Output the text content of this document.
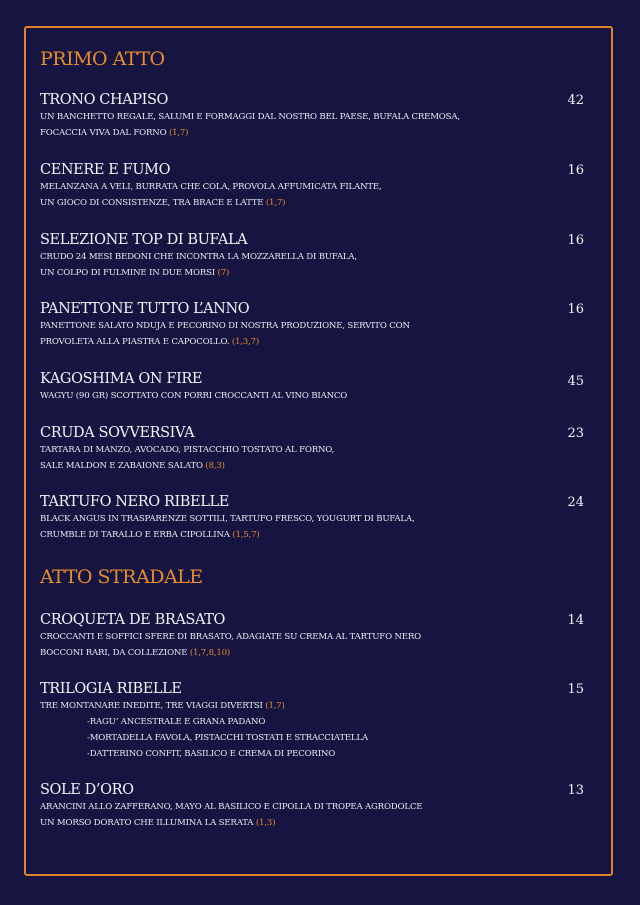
PRIMO ATTO
TRONO CHAPISO	42
UN BANCHETTO REGALE, SALUMI E FORMAGGI DAL NOSTRO BEL PAESE, BUFALA CREMOSA,
FOCACCIA VIVA DAL FORNO (1,7)
CENERE E FUMO	16
MELANZANA A VELI, BURRATA CHE COLA, PROVOLA AFFUMICATA FILANTE,
UN GIOCO DI CONSISTENZE, TRA BRACE E LATTE (1,7)
SELEZIONE TOP DI BUFALA	16
CRUDO 24 MESI BEDONI CHE INCONTRA LA MOZZARELLA DI BUFALA,
UN COLPO DI FULMINE IN DUE MORSI (7)
PANETTONE TUTTO L’ANNO	16
PANETTONE SALATO NDUJA E PECORINO DI NOSTRA PRODUZIONE, SERVITO CON
PROVOLETA ALLA PIASTRA E CAPOCOLLO. (1,3,7)
KAGOSHIMA ON FIRE	45
WAGYU (90 GR) SCOTTATO CON PORRI CROCCANTI AL VINO BIANCO
CRUDA SOVVERSIVA	23
TARTARA DI MANZO, AVOCADO, PISTACCHIO TOSTATO AL FORNO,
SALE MALDON E ZABAIONE SALATO (8,3)
TARTUFO NERO RIBELLE	24
BLACK ANGUS IN TRASPARENZE SOTTILI, TARTUFO FRESCO, YOUGURT DI BUFALA,
CRUMBLE DI TARALLO E ERBA CIPOLLINA (1,5,7)
ATTO STRADALE
CROQUETA DE BRASATO	14
CROCCANTI E SOFFICI SFERE DI BRASATO, ADAGIATE SU CREMA AL TARTUFO NERO
BOCCONI RARI, DA COLLEZIONE (1,7,8,10)
TRILOGIA RIBELLE	15
TRE MONTANARE INEDITE, TRE VIAGGI DIVERTSI (1,7)
-RAGU’ ANCESTRALE E GRANA PADANO
-MORTADELLA FAVOLA, PISTACCHI TOSTATI E STRACCIATELLA
-DATTERINO CONFIT, BASILICO E CREMA DI PECORINO
SOLE D’ORO	13
ARANCINI ALLO ZAFFERANO, MAYO AL BASILICO E CIPOLLA DI TROPEA AGRODOLCE
UN MORSO DORATO CHE ILLUMINA LA SERATA (1,3)
